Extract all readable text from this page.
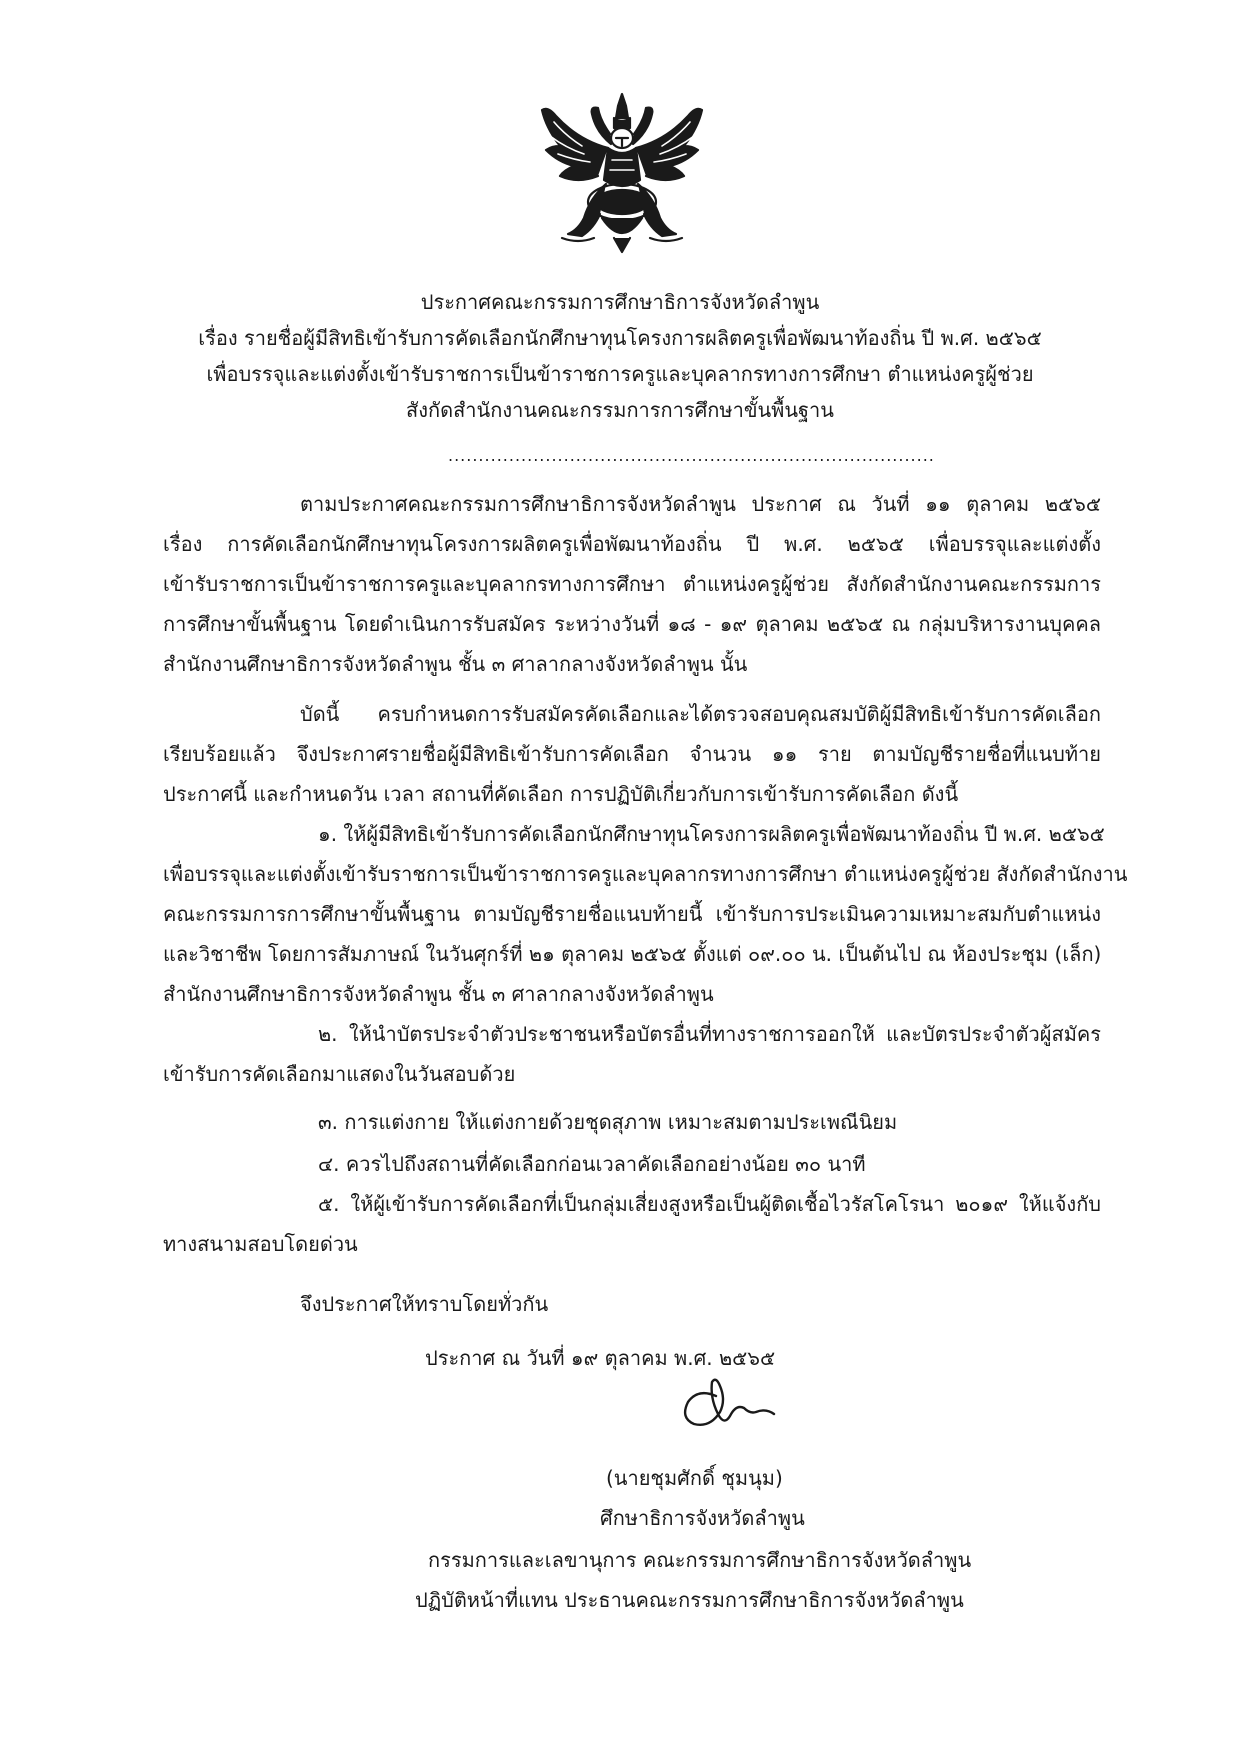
ประกาศคณะกรรมการศึกษาธิการจังหวัดลำพูน
เรื่อง รายชื่อผู้มีสิทธิเข้ารับการคัดเลือกนักศึกษาทุนโครงการผลิตครูเพื่อพัฒนาท้องถิ่น ปี พ.ศ. ๒๕๖๕
เพื่อบรรจุและแต่งตั้งเข้ารับราชการเป็นข้าราชการครูและบุคลากรทางการศึกษา ตำแหน่งครูผู้ช่วย
สังกัดสำนักงานคณะกรรมการการศึกษาขั้นพื้นฐาน
................................................................................
ตามประกาศคณะกรรมการศึกษาธิการจังหวัดลำพูน ประกาศ ณ วันที่ ๑๑ ตุลาคม ๒๕๖๕
เรื่อง การคัดเลือกนักศึกษาทุนโครงการผลิตครูเพื่อพัฒนาท้องถิ่น ปี พ.ศ. ๒๕๖๕ เพื่อบรรจุและแต่งตั้ง
เข้ารับราชการเป็นข้าราชการครูและบุคลากรทางการศึกษา ตำแหน่งครูผู้ช่วย สังกัดสำนักงานคณะกรรมการ
การศึกษาขั้นพื้นฐาน โดยดำเนินการรับสมัคร ระหว่างวันที่ ๑๘ - ๑๙ ตุลาคม ๒๕๖๕ ณ กลุ่มบริหารงานบุคคล
สำนักงานศึกษาธิการจังหวัดลำพูน ชั้น ๓ ศาลากลางจังหวัดลำพูน นั้น
บัดนี้ ครบกำหนดการรับสมัครคัดเลือกและได้ตรวจสอบคุณสมบัติผู้มีสิทธิเข้ารับการคัดเลือก
เรียบร้อยแล้ว จึงประกาศรายชื่อผู้มีสิทธิเข้ารับการคัดเลือก จำนวน ๑๑ ราย ตามบัญชีรายชื่อที่แนบท้าย
ประกาศนี้ และกำหนดวัน เวลา สถานที่คัดเลือก การปฏิบัติเกี่ยวกับการเข้ารับการคัดเลือก ดังนี้
๑. ให้ผู้มีสิทธิเข้ารับการคัดเลือกนักศึกษาทุนโครงการผลิตครูเพื่อพัฒนาท้องถิ่น ปี พ.ศ. ๒๕๖๕
เพื่อบรรจุและแต่งตั้งเข้ารับราชการเป็นข้าราชการครูและบุคลากรทางการศึกษา ตำแหน่งครูผู้ช่วย สังกัดสำนักงาน
คณะกรรมการการศึกษาขั้นพื้นฐาน ตามบัญชีรายชื่อแนบท้ายนี้ เข้ารับการประเมินความเหมาะสมกับตำแหน่ง
และวิชาชีพ โดยการสัมภาษณ์ ในวันศุกร์ที่ ๒๑ ตุลาคม ๒๕๖๕ ตั้งแต่ ๐๙.๐๐ น. เป็นต้นไป ณ ห้องประชุม (เล็ก)
สำนักงานศึกษาธิการจังหวัดลำพูน ชั้น ๓ ศาลากลางจังหวัดลำพูน
๒. ให้นำบัตรประจำตัวประชาชนหรือบัตรอื่นที่ทางราชการออกให้ และบัตรประจำตัวผู้สมัคร
เข้ารับการคัดเลือกมาแสดงในวันสอบด้วย
๓. การแต่งกาย ให้แต่งกายด้วยชุดสุภาพ เหมาะสมตามประเพณีนิยม
๔. ควรไปถึงสถานที่คัดเลือกก่อนเวลาคัดเลือกอย่างน้อย ๓๐ นาที
๕. ให้ผู้เข้ารับการคัดเลือกที่เป็นกลุ่มเสี่ยงสูงหรือเป็นผู้ติดเชื้อไวรัสโคโรนา ๒๐๑๙ ให้แจ้งกับ
ทางสนามสอบโดยด่วน
จึงประกาศให้ทราบโดยทั่วกัน
ประกาศ ณ วันที่ ๑๙ ตุลาคม พ.ศ. ๒๕๖๕
(นายชุมศักดิ์ ชุมนุม)
ศึกษาธิการจังหวัดลำพูน
กรรมการและเลขานุการ คณะกรรมการศึกษาธิการจังหวัดลำพูน
ปฏิบัติหน้าที่แทน ประธานคณะกรรมการศึกษาธิการจังหวัดลำพูน
